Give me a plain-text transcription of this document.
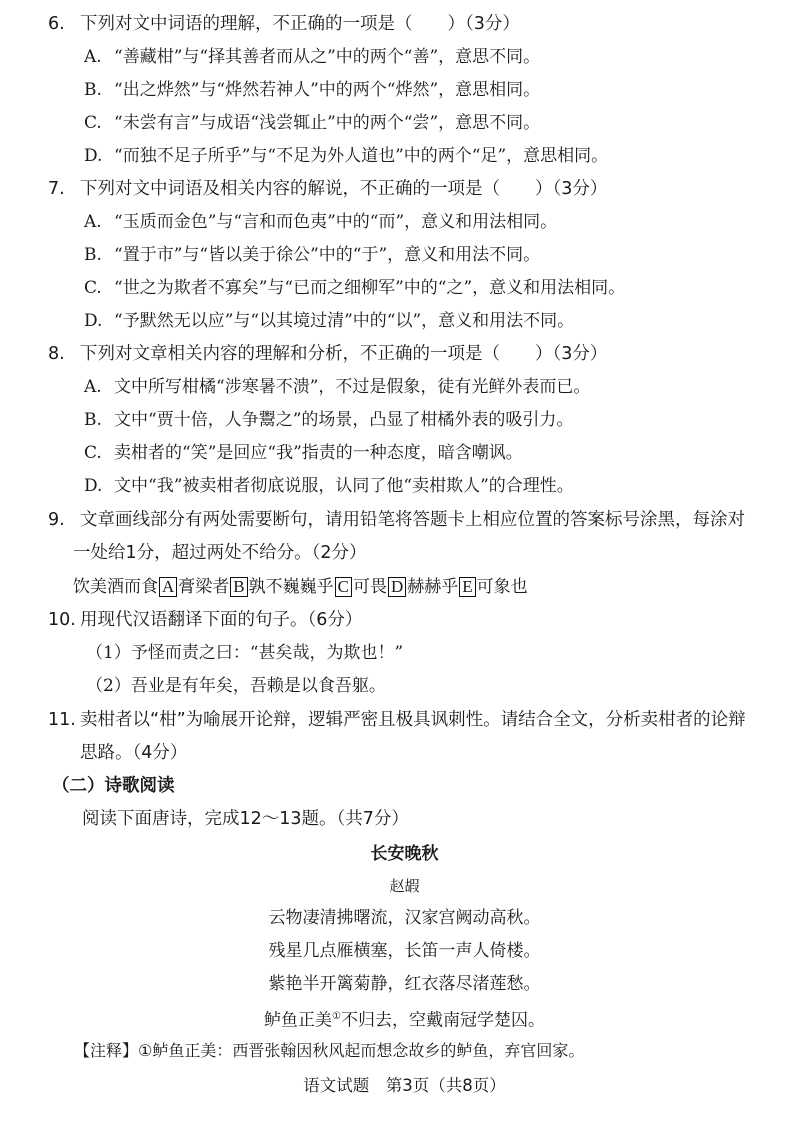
6. 下列对文中词语的理解，不正确的一项是（　　）（3分）
A. “善藏柑”与“择其善者而从之”中的两个“善”，意思不同。
B. “出之烨然”与“烨然若神人”中的两个“烨然”，意思相同。
C. “未尝有言”与成语“浅尝辄止”中的两个“尝”，意思不同。
D. “而独不足子所乎”与“不足为外人道也”中的两个“足”，意思相同。
7. 下列对文中词语及相关内容的解说，不正确的一项是（　　）（3分）
A. “玉质而金色”与“言和而色夷”中的“而”，意义和用法相同。
B. “置于市”与“皆以美于徐公”中的“于”，意义和用法不同。
C. “世之为欺者不寡矣”与“已而之细柳军”中的“之”，意义和用法相同。
D. “予默然无以应”与“以其境过清”中的“以”，意义和用法不同。
8. 下列对文章相关内容的理解和分析，不正确的一项是（　　）（3分）
A. 文中所写柑橘“涉寒暑不溃”，不过是假象，徒有光鲜外表而已。
B. 文中“贾十倍，人争鬻之”的场景，凸显了柑橘外表的吸引力。
C. 卖柑者的“笑”是回应“我”指责的一种态度，暗含嘲讽。
D. 文中“我”被卖柑者彻底说服，认同了他“卖柑欺人”的合理性。
9. 文章画线部分有两处需要断句，请用铅笔将答题卡上相应位置的答案标号涂黑，每涂对
一处给1分，超过两处不给分。（2分）
饮美酒而食 A 膏梁者 B 孰不巍巍乎 C 可畏 D 赫赫乎 E 可象也
10. 用现代汉语翻译下面的句子。（6分）
（1）予怪而责之曰：“甚矣哉，为欺也！”
（2）吾业是有年矣，吾赖是以食吾躯。
11. 卖柑者以“柑”为喻展开论辩，逻辑严密且极具讽刺性。请结合全文，分析卖柑者的论辩
思路。（4分）
（二）诗歌阅读
阅读下面唐诗，完成12～13题。（共7分）
长安晚秋
赵嘏
云物凄清拂曙流，汉家宫阙动高秋。
残星几点雁横塞，长笛一声人倚楼。
紫艳半开篱菊静，红衣落尽渚莲愁。
鲈鱼正美①不归去，空戴南冠学楚囚。
【注释】①鲈鱼正美：西晋张翰因秋风起而想念故乡的鲈鱼，弃官回家。
语文试题　第3页（共8页）
